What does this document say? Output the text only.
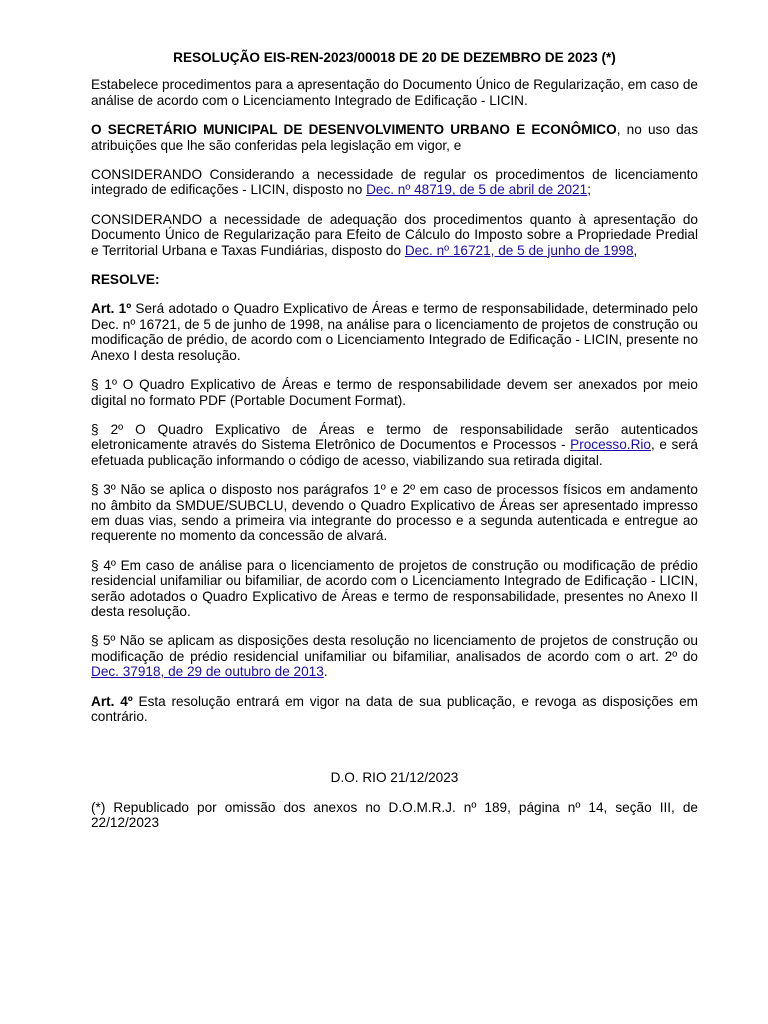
RESOLUÇÃO EIS-REN-2023/00018 DE 20 DE DEZEMBRO DE 2023 (*)

Estabelece procedimentos para a apresentação do Documento Único de Regularização, em caso de análise de acordo com o Licenciamento Integrado de Edificação - LICIN.

O SECRETÁRIO MUNICIPAL DE DESENVOLVIMENTO URBANO E ECONÔMICO, no uso das atribuições que lhe são conferidas pela legislação em vigor, e

CONSIDERANDO Considerando a necessidade de regular os procedimentos de licenciamento integrado de edificações - LICIN, disposto no Dec. nº 48719, de 5 de abril de 2021;

CONSIDERANDO a necessidade de adequação dos procedimentos quanto à apresentação do Documento Único de Regularização para Efeito de Cálculo do Imposto sobre a Propriedade Predial e Territorial Urbana e Taxas Fundiárias, disposto do Dec. nº 16721, de 5 de junho de 1998,

RESOLVE:

Art. 1º Será adotado o Quadro Explicativo de Áreas e termo de responsabilidade, determinado pelo Dec. nº 16721, de 5 de junho de 1998, na análise para o licenciamento de projetos de construção ou modificação de prédio, de acordo com o Licenciamento Integrado de Edificação - LICIN, presente no Anexo I desta resolução.

§ 1º O Quadro Explicativo de Áreas e termo de responsabilidade devem ser anexados por meio digital no formato PDF (Portable Document Format).

§ 2º O Quadro Explicativo de Áreas e termo de responsabilidade serão autenticados eletronicamente através do Sistema Eletrônico de Documentos e Processos - Processo.Rio, e será efetuada publicação informando o código de acesso, viabilizando sua retirada digital.

§ 3º Não se aplica o disposto nos parágrafos 1º e 2º em caso de processos físicos em andamento no âmbito da SMDUE/SUBCLU, devendo o Quadro Explicativo de Áreas ser apresentado impresso em duas vias, sendo a primeira via integrante do processo e a segunda autenticada e entregue ao requerente no momento da concessão de alvará.

§ 4º Em caso de análise para o licenciamento de projetos de construção ou modificação de prédio residencial unifamiliar ou bifamiliar, de acordo com o Licenciamento Integrado de Edificação - LICIN, serão adotados o Quadro Explicativo de Áreas e termo de responsabilidade, presentes no Anexo II desta resolução.

§ 5º Não se aplicam as disposições desta resolução no licenciamento de projetos de construção ou modificação de prédio residencial unifamiliar ou bifamiliar, analisados de acordo com o art. 2º do Dec. 37918, de 29 de outubro de 2013.

Art. 4º Esta resolução entrará em vigor na data de sua publicação, e revoga as disposições em contrário.

D.O. RIO 21/12/2023

(*) Republicado por omissão dos anexos no D.O.M.R.J. nº 189, página nº 14, seção III, de 22/12/2023
